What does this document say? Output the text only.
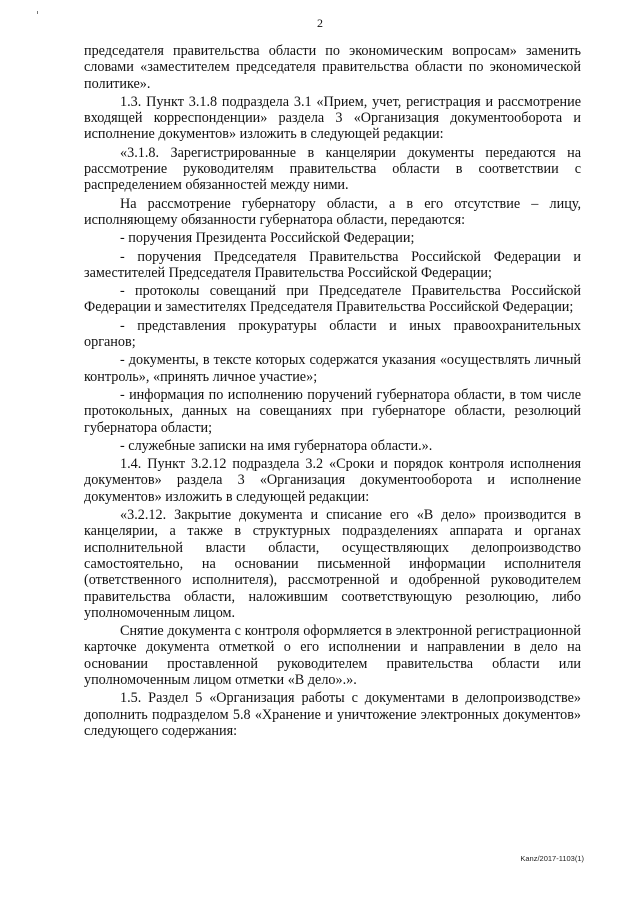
2

председателя правительства области по экономическим вопросам» заменить словами «заместителем председателя правительства области по экономической политике».

1.3. Пункт 3.1.8 подраздела 3.1 «Прием, учет, регистрация и рассмотрение входящей корреспонденции» раздела 3 «Организация документооборота и исполнение документов» изложить в следующей редакции:

«3.1.8. Зарегистрированные в канцелярии документы передаются на рассмотрение руководителям правительства области в соответствии с распределением обязанностей между ними.

На рассмотрение губернатору области, а в его отсутствие – лицу, исполняющему обязанности губернатора области, передаются:

- поручения Президента Российской Федерации;

- поручения Председателя Правительства Российской Федерации и заместителей Председателя Правительства Российской Федерации;

- протоколы совещаний при Председателе Правительства Российской Федерации и заместителях Председателя Правительства Российской Федерации;

- представления прокуратуры области и иных правоохранительных органов;

- документы, в тексте которых содержатся указания «осуществлять личный контроль», «принять личное участие»;

- информация по исполнению поручений губернатора области, в том числе протокольных, данных на совещаниях при губернаторе области, резолюций губернатора области;

- служебные записки на имя губернатора области.».

1.4. Пункт 3.2.12 подраздела 3.2 «Сроки и порядок контроля исполнения документов» раздела 3 «Организация документооборота и исполнение документов» изложить в следующей редакции:

«3.2.12. Закрытие документа и списание его «В дело» производится в канцелярии, а также в структурных подразделениях аппарата и органах исполнительной власти области, осуществляющих делопроизводство самостоятельно, на основании письменной информации исполнителя (ответственного исполнителя), рассмотренной и одобренной руководителем правительства области, наложившим соответствующую резолюцию, либо уполномоченным лицом.

Снятие документа с контроля оформляется в электронной регистрационной карточке документа отметкой о его исполнении и направлении в дело на основании проставленной руководителем правительства области или уполномоченным лицом отметки «В дело».».

1.5. Раздел 5 «Организация работы с документами в делопроизводстве» дополнить подразделом 5.8 «Хранение и уничтожение электронных документов» следующего содержания:

Kanz/2017-1103(1)
